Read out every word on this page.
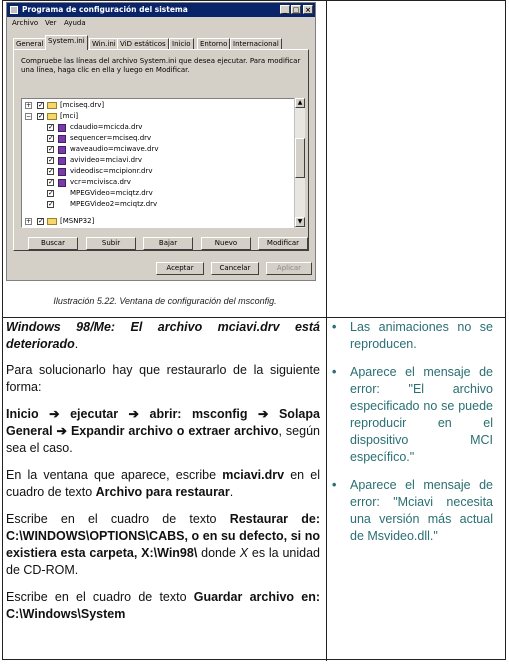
Programa de configuración del sistema	_ □ ×
Archivo Ver Ayuda
General System.ini	Win.ini ViD estáticos Inicio	Entorno Internacional
Compruebe las líneas del archivo System.ini que desea ejecutar. Para modificar una línea, haga clic en ella y luego en Modificar.
+ ✓ [mciseq.drv]
− ✓ [mci]
✓ cdaudio=mcicda.drv
✓ sequencer=mciseq.drv
✓ waveaudio=mciwave.drv
✓ avivideo=mciavi.drv
✓ videodisc=mcipionr.drv
✓ vcr=mcivisca.drv
✓ MPEGVideo=mciqtz.drv
✓ MPEGVideo2=mciqtz.drv
+ ✓ [MSNP32]
▲
▼
Buscar	Subir	Bajar	Nuevo	Modificar
Aceptar	Cancelar	Aplicar
Ilustración 5.22. Ventana de configuración del msconfig.

Windows 98/Me: El archivo mciavi.drv está deteriorado.

Para solucionarlo hay que restaurarlo de la siguiente forma:

Inicio ➔ ejecutar ➔ abrir: msconfig ➔ Solapa General ➔ Expandir archivo o extraer archivo, según sea el caso.

En la ventana que aparece, escribe mciavi.drv en el cuadro de texto Archivo para restaurar.

Escribe en el cuadro de texto Restaurar de: C:\WINDOWS\OPTIONS\CABS, o en su defecto, si no existiera esta carpeta, X:\Win98\ donde X es la unidad de CD-ROM.

Escribe en el cuadro de texto Guardar archivo en: C:\Windows\System

• Las animaciones no se reproducen.
• Aparece el mensaje de error: "El archivo especificado no se puede reproducir en el dispositivo MCI específico."
• Aparece el mensaje de error: "Mciavi necesita una versión más actual de Msvideo.dll."
